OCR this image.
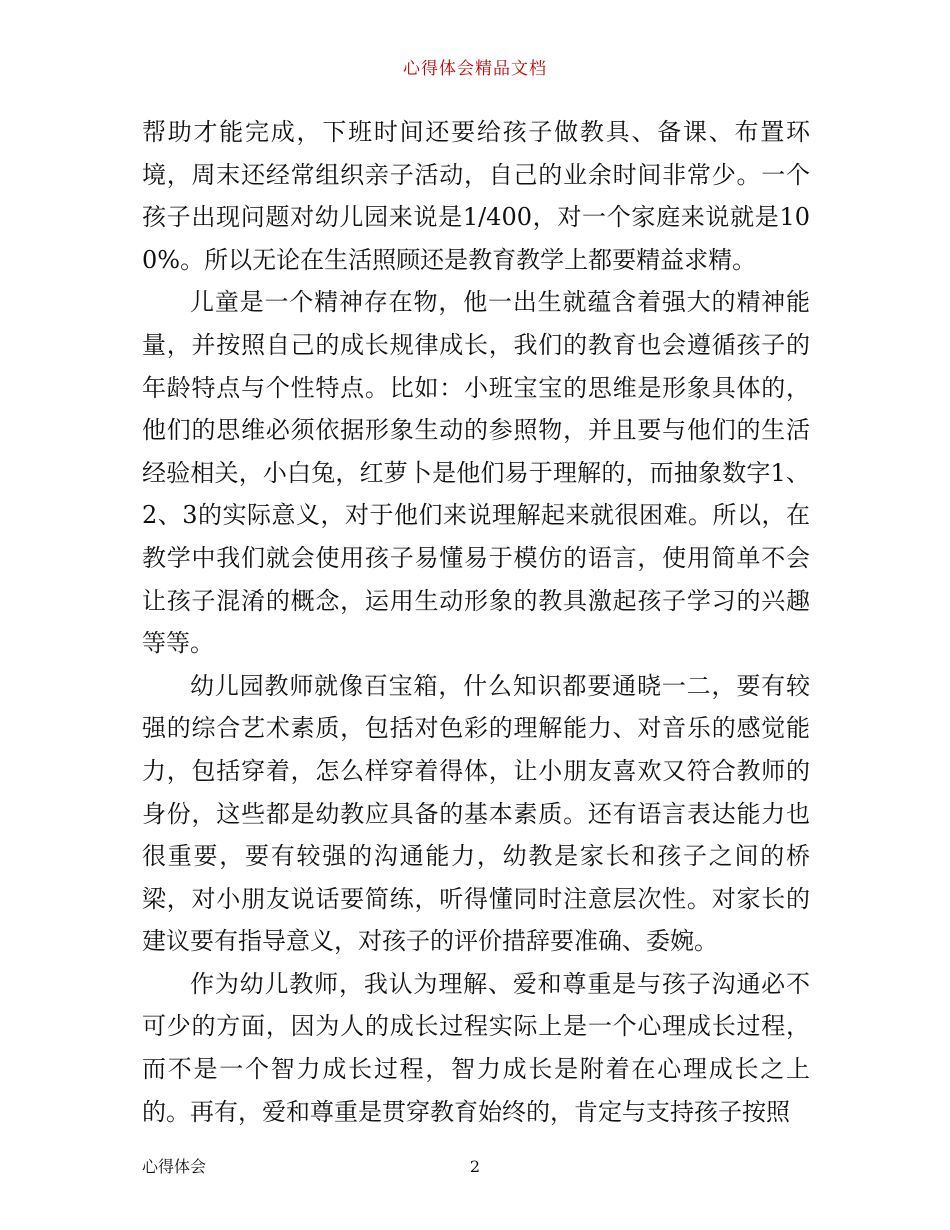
心得体会精品文档

帮助才能完成，下班时间还要给孩子做教具、备课、布置环境，周末还经常组织亲子活动，自己的业余时间非常少。一个孩子出现问题对幼儿园来说是1/400，对一个家庭来说就是100%。所以无论在生活照顾还是教育教学上都要精益求精。

儿童是一个精神存在物，他一出生就蕴含着强大的精神能量，并按照自己的成长规律成长，我们的教育也会遵循孩子的年龄特点与个性特点。比如：小班宝宝的思维是形象具体的，他们的思维必须依据形象生动的参照物，并且要与他们的生活经验相关，小白兔，红萝卜是他们易于理解的，而抽象数字1、2、3的实际意义，对于他们来说理解起来就很困难。所以，在教学中我们就会使用孩子易懂易于模仿的语言，使用简单不会让孩子混淆的概念，运用生动形象的教具激起孩子学习的兴趣等等。

幼儿园教师就像百宝箱，什么知识都要通晓一二，要有较强的综合艺术素质，包括对色彩的理解能力、对音乐的感觉能力，包括穿着，怎么样穿着得体，让小朋友喜欢又符合教师的身份，这些都是幼教应具备的基本素质。还有语言表达能力也很重要，要有较强的沟通能力，幼教是家长和孩子之间的桥梁，对小朋友说话要简练，听得懂同时注意层次性。对家长的建议要有指导意义，对孩子的评价措辞要准确、委婉。

作为幼儿教师，我认为理解、爱和尊重是与孩子沟通必不可少的方面，因为人的成长过程实际上是一个心理成长过程，而不是一个智力成长过程，智力成长是附着在心理成长之上的。再有，爱和尊重是贯穿教育始终的，肯定与支持孩子按照

心得体会	2
